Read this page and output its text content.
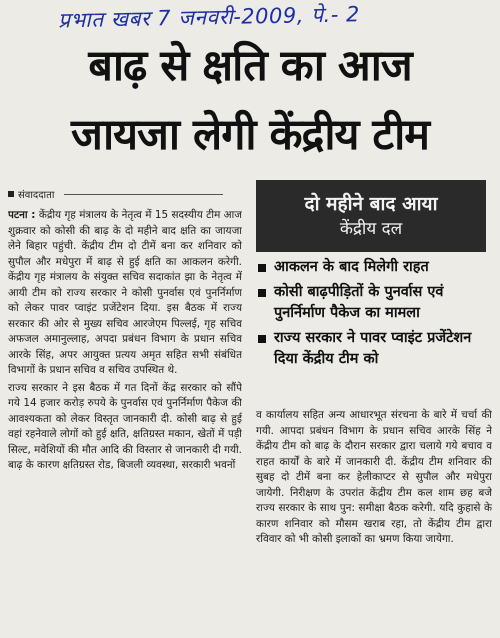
प्रभात खबर 7 जनवरी-2009, पे.- 2
बाढ़ से क्षति का आज
जायजा लेगी केंद्रीय टीम
संवाददाता

पटना : केंद्रीय गृह मंत्रालय के नेतृत्व में 15 सदस्यीय टीम आज शुक्रवार को कोसी की बाढ़ के दो महीने बाद क्षति का जायजा लेने बिहार पहुंची. केंद्रीय टीम दो टीमें बना कर शनिवार को सुपौल और मधेपुरा में बाढ़ से हुई क्षति का आकलन करेगी. केंद्रीय गृह मंत्रालय के संयुक्त सचिव सदाकांत झा के नेतृत्व में आयी टीम को राज्य सरकार ने कोसी पुनर्वास एवं पुनर्निर्माण को लेकर पावर प्वाइंट प्रजेंटेशन दिया. इस बैठक में राज्य सरकार की ओर से मुख्य सचिव आरजेएम पिल्लई, गृह सचिव अफजल अमानुल्लाह, अपदा प्रबंधन विभाग के प्रधान सचिव आरके सिंह, अपर आयुक्त प्रत्यय अमृत सहित सभी संबंधित विभागों के प्रधान सचिव व सचिव उपस्थित थे.

राज्य सरकार ने इस बैठक में गत दिनों केंद्र सरकार को सौंपे गये 14 हजार करोड़ रुपये के पुनर्वास एवं पुनर्निर्माण पैकेज की आवश्यकता को लेकर विस्तृत जानकारी दी. कोसी बाढ़ से हुई वहां रहनेवाले लोगों को हुई क्षति, क्षतिग्रस्त मकान, खेतों में पड़ी सिल्ट, मवेशियों की मौत आदि की विस्तार से जानकारी दी गयी. बाढ़ के कारण क्षतिग्रस्त रोड, बिजली व्यवस्था, सरकारी भवनों

दो महीने बाद आया
केंद्रीय दल
आकलन के बाद मिलेगी राहत
कोसी बाढ़पीड़ितों के पुनर्वास एवं पुनर्निर्माण पैकेज का मामला
राज्य सरकार ने पावर प्वाइंट प्रजेंटेशन दिया केंद्रीय टीम को

व कार्यालय सहित अन्य आधारभूत संरचना के बारे में चर्चा की गयी. आपदा प्रबंधन विभाग के प्रधान सचिव आरके सिंह ने केंद्रीय टीम को बाढ़ के दौरान सरकार द्वारा चलाये गये बचाव व राहत कार्यों के बारे में जानकारी दी. केंद्रीय टीम शनिवार की सुबह दो टीमें बना कर हेलीकाप्टर से सुपौल और मधेपुरा जायेगी. निरीक्षण के उपरांत केंद्रीय टीम कल शाम छह बजे राज्य सरकार के साथ पुन: समीक्षा बैठक करेगी. यदि कुहासे के कारण शनिवार को मौसम खराब रहा, तो केंद्रीय टीम द्वारा रविवार को भी कोसी इलाकों का भ्रमण किया जायेगा.
